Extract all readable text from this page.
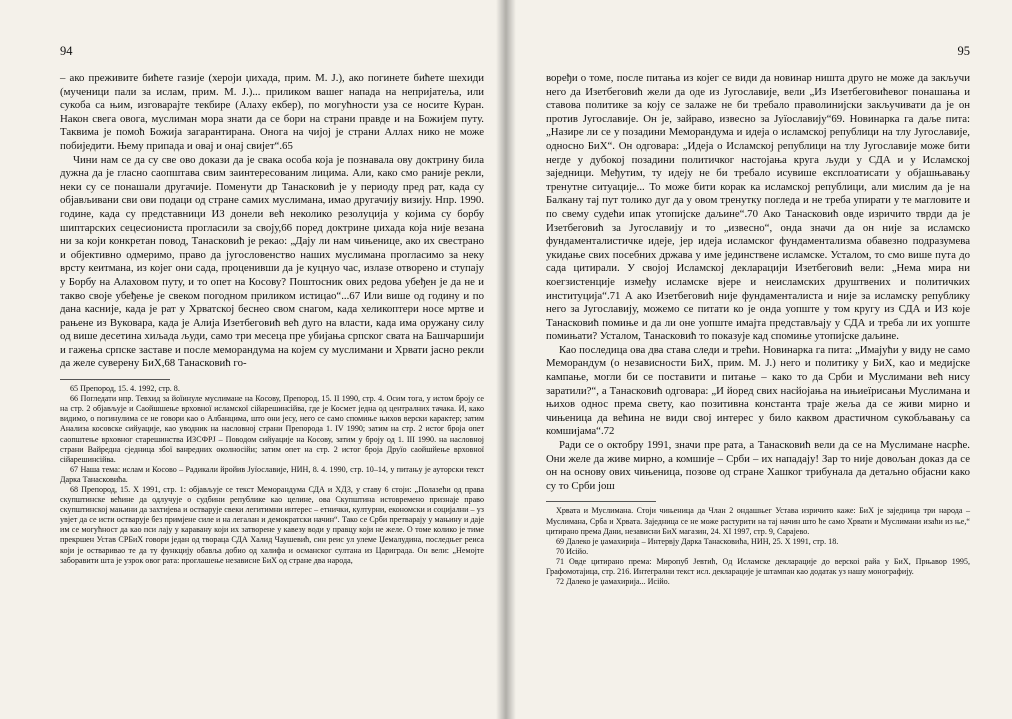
94

– ако преживите бићете газије (хероји џихада, прим. М. Ј.), ако погинете бићете шехиди (мученици пали за ислам, прим. М. Ј.)... приликом вашег напада на непријатеља, или сукоба са њим, изговарајте текбире (Алаху екбер), по могућности уза се носите Куран. Након свега овога, муслиман мора знати да се бори на страни правде и на Божијем путу. Таквима је помоћ Божија загарантирана. Онога на чијој је страни Аллах нико не може побиједити. Њему припада и овај и онај свијет“.65

Чини нам се да су све ово докази да је свака особа која је познавала ову доктрину била дужна да је гласно саопштава свим заинтересованим лицима. Али, како смо раније рекли, неки су се понашали другачије. Поменути др Танасковић је у периоду пред рат, када су објављивани сви ови подаци од стране самих муслимана, имао другачију визију. Нпр. 1990. године, када су представници ИЗ донели већ неколико резолуција у којима су борбу шиптарских сецесиониста прогласили за своју,66 поред доктрине џихада која није везана ни за који конкретан повод, Танасковић је рекао: „Дају ли нам чињенице, ако их свестрано и објективно одмеримо, право да југословенство наших муслимана прогласимо за неку врсту кеитмана, из којег они сада, проценивши да је куцнуо час, излазе отворено и ступају у Борбу на Алаховом путу, и то опет на Косову? Поштосник ових редова убеђен је да не и такво своје убеђење је свеком погодном приликом истицао“...67 Или више од годину и по дана касније, када је рат у Хрватској беснео свом снагом, када хеликоптери носе мртве и рањене из Вуковара, када је Алија Изетбеговић већ дуго на власти, када има оружану силу од више десетина хиљада људи, само три месеца пре убијања српског свата на Башчаршији и гажења српске заставе и после меморандума на којем су муслимани и Хрвати јасно рекли да желе суверену БиХ,68 Танасковић го-

65 Препород, 15. 4. 1992, стр. 8.

66 Погледати нпр. Тевхид за йоїинуле муслимане на Косову, Препород, 15. II 1990, стр. 4. Осим тога, у истом броју се на стр. 2 објављује и Саойшшење врховної исламскої сійарешинсійва, где је Космет једна од централних тачака. И, како видимо, о погинулима се не говори као о Албанцима, што они јесу, него се само спомиње њихов верски карактер; затим Анализа косовске сийуације, као уводник на насловној страни Препорода 1. IV 1990; затим на стр. 2 истог броја опет саопштење врховног старешинства ИЗСФРЈ – Поводом сийуације на Косову, затим у броју од 1. III 1990. на насловној страни Вайредна сједница збої ванредних околносійи; затим опет на стр. 2 истог броја Друїо саойшйење врховної сійарешинсійва.

67 Наша тема: ислам и Косово – Радикали йройив Јуїославије, НИН, 8. 4. 1990, стр. 10–14, у питању је ауторски текст Дарка Танасковића.

68 Препород, 15. X 1991, стр. 1: објављује се текст Меморандума СДА и ХДЗ, у ставу 6 стоји: „Полазећи од права скупштинске већине да одлучује о судбини републике као целине, ова Скупштина истовремено признаје право скупштинској мањини да захтијева и остварује свеки легитимни интерес – етнички, културни, економски и социјални – уз увјет да се исти остварује без примјене силе и на легалан и демократски начин“. Тако се Срби претварају у мањину и даје им се могућност да као пси лају у каравану који их затворене у кавезу води у правцу који не желе. О томе колико је тиме прекршен Устав СРБиХ говори један од твораца СДА Халид Чаушевић, син реис ул улеме Џемалудина, последњег реиса који је остваривао те да ту функцију обавља добио од халифа и османског султана из Цариграда. Он вели: „Немојте заборавити шта је узрок овог рата: проглашење независне БиХ од стране два народа,

95

воређи о томе, после питања из којег се види да новинар ништа друго не може да закључи него да Изетбеговић жели да оде из Југославије, вели „Из Изетбеговићевог понашања и ставова политике за коју се залаже не би требало праволинијски закључивати да је он против Југославије. Он је, зайраво, извесно за Јуїославију“69. Новинарка га даље пита: „Назире ли се у позадини Меморандума и идеја о исламској републици на тлу Југославије, односно БиХ“. Он одговара: „Идеја о Исламској републици на тлу Југославије може бити негде у дубокој позадини политичког настојања круга људи у СДА и у Исламској заједници. Међутим, ту идеју не би требало исувише експлоатисати у објашњавању тренутне ситуације... То може бити корак ка исламској републици, али мислим да је на Балкану тај пут толико дуг да у овом тренутку погледа и не треба упирати у те магловите и по свему судећи ипак утопијске даљине“.70 Ако Танасковић овде изричито тврди да је Изетбеговић за Југославију и то „извесно“, онда значи да он није за исламско фундаменталистичке идеје, јер идеја исламског фундаментализма обавезно подразумева укидање свих посебних држава у име јединствене исламске. Усталом, то смо више пута до сада цитирали. У својој Исламској декларацији Изетбеговић вели: „Нема мира ни коегзистенције између исламске вјере и неисламских друштвених и политичких институција“.71 А ако Изетбеговић није фундаменталиста и није за исламску републику него за Југославију, можемо се питати ко је онда уопште у том кругу из СДА и ИЗ које Танасковић помиње и да ли оне уопште имајта представљају у СДА и треба ли их уопште помињати? Усталом, Танасковић то показује кад спомиње утопијске даљине.

Као последица ова два става следи и трећи. Новинарка га пита: „Имајући у виду не само Меморандум (о независности БиХ, прим. М. Ј.) него и политику у БиХ, као и медијске кампање, могли би се поставити и питање – како то да Срби и Муслимани већ нису заратили?“, а Танасковић одговара: „И йоред свих насйојања на ињиеїрисањи Муслимана и њихов однос према свету, као позитивна константа траје жеља да се живи мирно и чињеница да већина не види свој интерес у било каквом драстичном сукобљавању са комшијама“.72

Ради се о октобру 1991, значи пре рата, а Танасковић вели да се на Муслимане насрће. Они желе да живе мирно, а комшије – Срби – их нападају! Зар то није довољан доказ да се он на основу ових чињеница, позове од стране Хашког трибунала да детаљно објасни како су то Срби још

Хрвата и Муслимана. Стоји чињеница да Члан 2 ондашњег Устава изричито каже: БиХ је заједница три народа – Муслимана, Срба и Хрвата. Заједница се не може растурити на тај начин што ће само Хрвати и Муслимани изаћи из ње,“ цитирано према Дани, независни БиХ магазин, 24. XI 1997, стр. 9, Сарајево.

69 Далеко је џамахирија – Интервју Дарка Танасковића, НИН, 25. X 1991, стр. 18.

70 Исійо.

71 Овде цитирано према: Миропуб Јевтић, Од Исламске декларације до верскоі райа у БиХ, Прњавор 1995, Графомотајица, стр. 216. Интегрални текст исл. декларације је штампан као додатак уз нашу монографију.

72 Далеко је џамахирија... Исійо.
